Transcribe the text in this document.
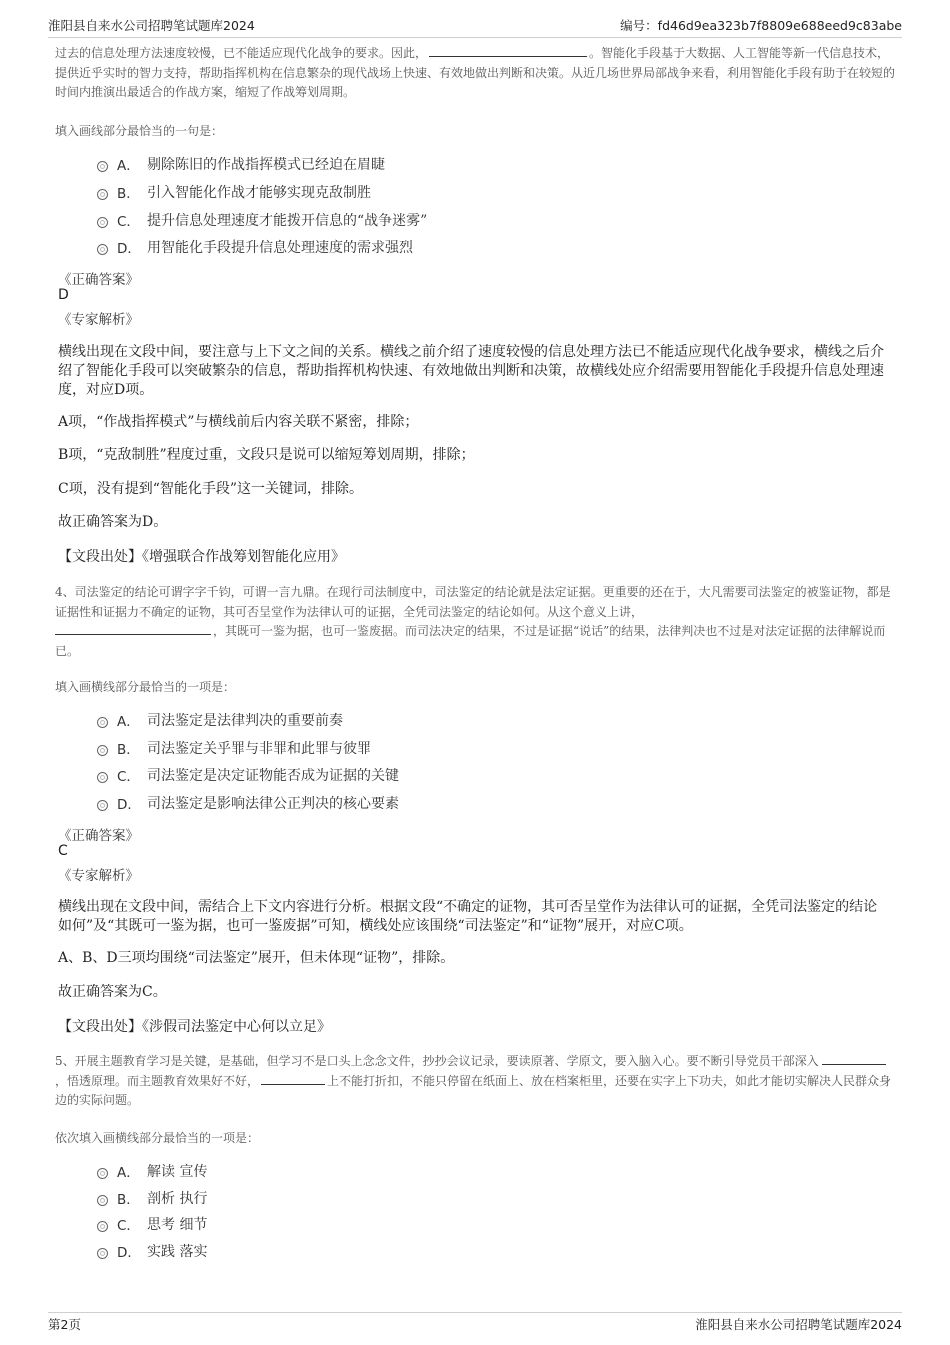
淮阳县自来水公司招聘笔试题库2024	编号：fd46d9ea323b7f8809e688eed9c83abe
过去的信息处理方法速度较慢，已不能适应现代化战争的要求。因此，	。智能化手段基于大数据、人工智能等新一代信息技术，提供近乎实时的智力支持，帮助指挥机构在信息繁杂的现代战场上快速、有效地做出判断和决策。从近几场世界局部战争来看，利用智能化手段有助于在较短的时间内推演出最适合的作战方案，缩短了作战筹划周期。
填入画线部分最恰当的一句是：
A． 剔除陈旧的作战指挥模式已经迫在眉睫
B． 引入智能化作战才能够实现克敌制胜
C． 提升信息处理速度才能拨开信息的“战争迷雾”
D． 用智能化手段提升信息处理速度的需求强烈
《正确答案》
D
《专家解析》
横线出现在文段中间，要注意与上下文之间的关系。横线之前介绍了速度较慢的信息处理方法已不能适应现代化战争要求，横线之后介绍了智能化手段可以突破繁杂的信息，帮助指挥机构快速、有效地做出判断和决策，故横线处应介绍需要用智能化手段提升信息处理速度，对应D项。
A项，“作战指挥模式”与横线前后内容关联不紧密，排除；
B项，“克敌制胜”程度过重，文段只是说可以缩短筹划周期，排除；
C项，没有提到“智能化手段”这一关键词，排除。
故正确答案为D。
【文段出处】《增强联合作战筹划智能化应用》
4、司法鉴定的结论可谓字字千钧，可谓一言九鼎。在现行司法制度中，司法鉴定的结论就是法定证据。更重要的还在于，大凡需要司法鉴定的被鉴证物，都是证据性和证据力不确定的证物，其可否呈堂作为法律认可的证据，全凭司法鉴定的结论如何。从这个意义上讲，
，其既可一鉴为据，也可一鉴废据。而司法决定的结果，不过是证据“说话”的结果，法律判决也不过是对法定证据的法律解说而已。
填入画横线部分最恰当的一项是：
A． 司法鉴定是法律判决的重要前奏
B． 司法鉴定关乎罪与非罪和此罪与彼罪
C． 司法鉴定是决定证物能否成为证据的关键
D． 司法鉴定是影响法律公正判决的核心要素
《正确答案》
C
《专家解析》
横线出现在文段中间，需结合上下文内容进行分析。根据文段“不确定的证物，其可否呈堂作为法律认可的证据，全凭司法鉴定的结论如何”及“其既可一鉴为据，也可一鉴废据”可知，横线处应该围绕“司法鉴定”和“证物”展开，对应C项。
A、B、D三项均围绕“司法鉴定”展开，但未体现“证物”，排除。
故正确答案为C。
【文段出处】《涉假司法鉴定中心何以立足》
5、开展主题教育学习是关键，是基础，但学习不是口头上念念文件，抄抄会议记录，要读原著、学原文，要入脑入心。要不断引导党员干部深入，悟透原理。而主题教育效果好不好，	上不能打折扣，不能只停留在纸面上、放在档案柜里，还要在实字上下功夫，如此才能切实解决人民群众身边的实际问题。
依次填入画横线部分最恰当的一项是：
A． 解读 宣传
B． 剖析 执行
C． 思考 细节
D． 实践 落实
第2页	淮阳县自来水公司招聘笔试题库2024
